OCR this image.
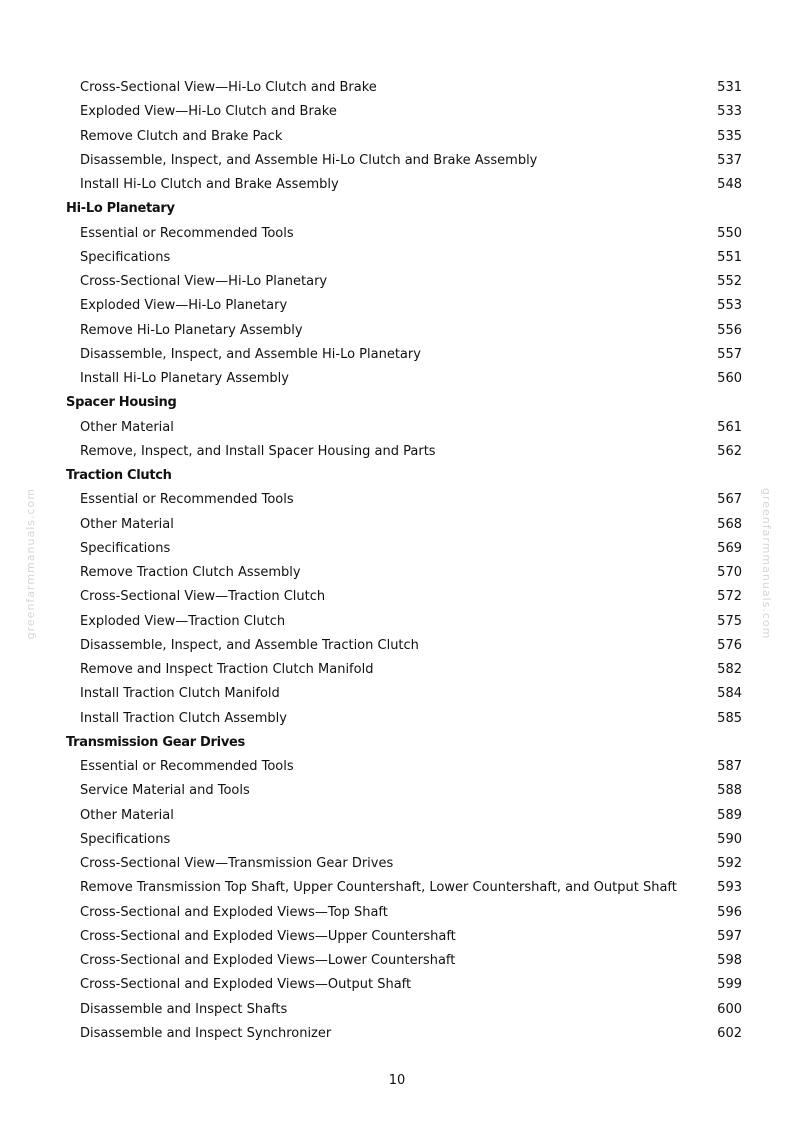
greenfarmmanuals.com	greenfarmmanuals.com
Cross-Sectional View—Hi-Lo Clutch and Brake	531
Exploded View—Hi-Lo Clutch and Brake	533
Remove Clutch and Brake Pack	535
Disassemble, Inspect, and Assemble Hi-Lo Clutch and Brake Assembly	537
Install Hi-Lo Clutch and Brake Assembly	548
Hi-Lo Planetary
Essential or Recommended Tools	550
Specifications	551
Cross-Sectional View—Hi-Lo Planetary	552
Exploded View—Hi-Lo Planetary	553
Remove Hi-Lo Planetary Assembly	556
Disassemble, Inspect, and Assemble Hi-Lo Planetary	557
Install Hi-Lo Planetary Assembly	560
Spacer Housing
Other Material	561
Remove, Inspect, and Install Spacer Housing and Parts	562
Traction Clutch
Essential or Recommended Tools	567
Other Material	568
Specifications	569
Remove Traction Clutch Assembly	570
Cross-Sectional View—Traction Clutch	572
Exploded View—Traction Clutch	575
Disassemble, Inspect, and Assemble Traction Clutch	576
Remove and Inspect Traction Clutch Manifold	582
Install Traction Clutch Manifold	584
Install Traction Clutch Assembly	585
Transmission Gear Drives
Essential or Recommended Tools	587
Service Material and Tools	588
Other Material	589
Specifications	590
Cross-Sectional View—Transmission Gear Drives	592
Remove Transmission Top Shaft, Upper Countershaft, Lower Countershaft, and Output Shaft	593
Cross-Sectional and Exploded Views—Top Shaft	596
Cross-Sectional and Exploded Views—Upper Countershaft	597
Cross-Sectional and Exploded Views—Lower Countershaft	598
Cross-Sectional and Exploded Views—Output Shaft	599
Disassemble and Inspect Shafts	600
Disassemble and Inspect Synchronizer	602
10
